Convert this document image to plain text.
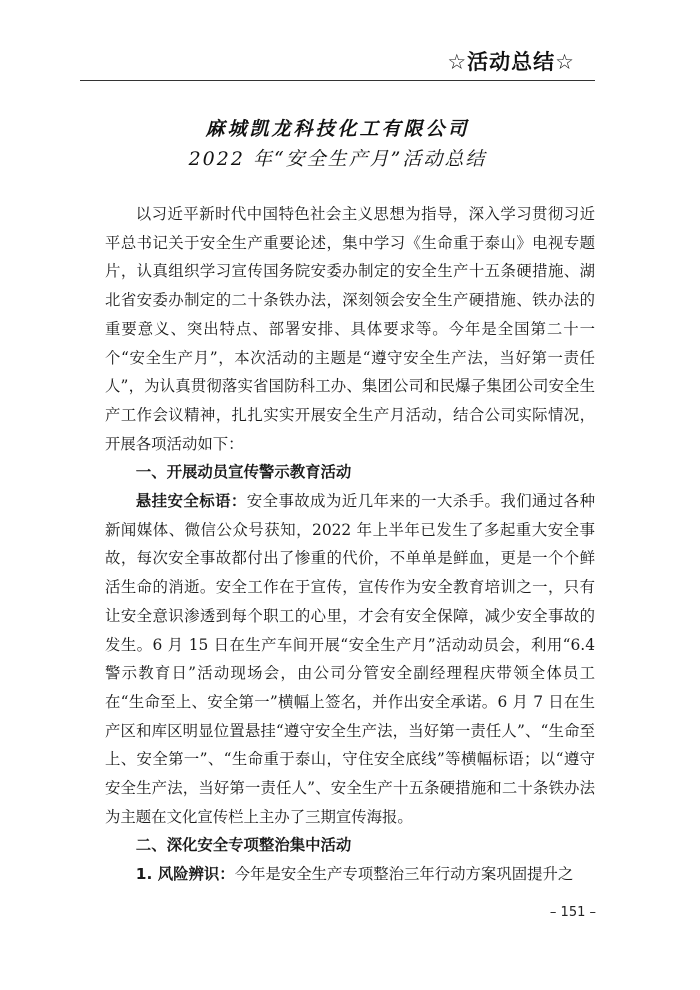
☆活动总结☆
麻城凯龙科技化工有限公司
2022 年“安全生产月”活动总结

以习近平新时代中国特色社会主义思想为指导，深入学习贯彻习近平总书记关于安全生产重要论述，集中学习《生命重于泰山》电视专题片，认真组织学习宣传国务院安委办制定的安全生产十五条硬措施、湖北省安委办制定的二十条铁办法，深刻领会安全生产硬措施、铁办法的重要意义、突出特点、部署安排、具体要求等。今年是全国第二十一个“安全生产月”，本次活动的主题是“遵守安全生产法，当好第一责任人”，为认真贯彻落实省国防科工办、集团公司和民爆子集团公司安全生产工作会议精神，扎扎实实开展安全生产月活动，结合公司实际情况，开展各项活动如下：

一、开展动员宣传警示教育活动

悬挂安全标语：安全事故成为近几年来的一大杀手。我们通过各种新闻媒体、微信公众号获知，2022 年上半年已发生了多起重大安全事故，每次安全事故都付出了惨重的代价，不单单是鲜血，更是一个个鲜活生命的消逝。安全工作在于宣传，宣传作为安全教育培训之一，只有让安全意识渗透到每个职工的心里，才会有安全保障，减少安全事故的发生。6 月 15 日在生产车间开展“安全生产月”活动动员会，利用“6.4 警示教育日”活动现场会，由公司分管安全副经理程庆带领全体员工在“生命至上、安全第一”横幅上签名，并作出安全承诺。6 月 7 日在生产区和库区明显位置悬挂“遵守安全生产法，当好第一责任人”、“生命至上、安全第一”、“生命重于泰山，守住安全底线”等横幅标语；以“遵守安全生产法，当好第一责任人”、安全生产十五条硬措施和二十条铁办法为主题在文化宣传栏上主办了三期宣传海报。

二、深化安全专项整治集中活动

1. 风险辨识：今年是安全生产专项整治三年行动方案巩固提升之

– 151 –
